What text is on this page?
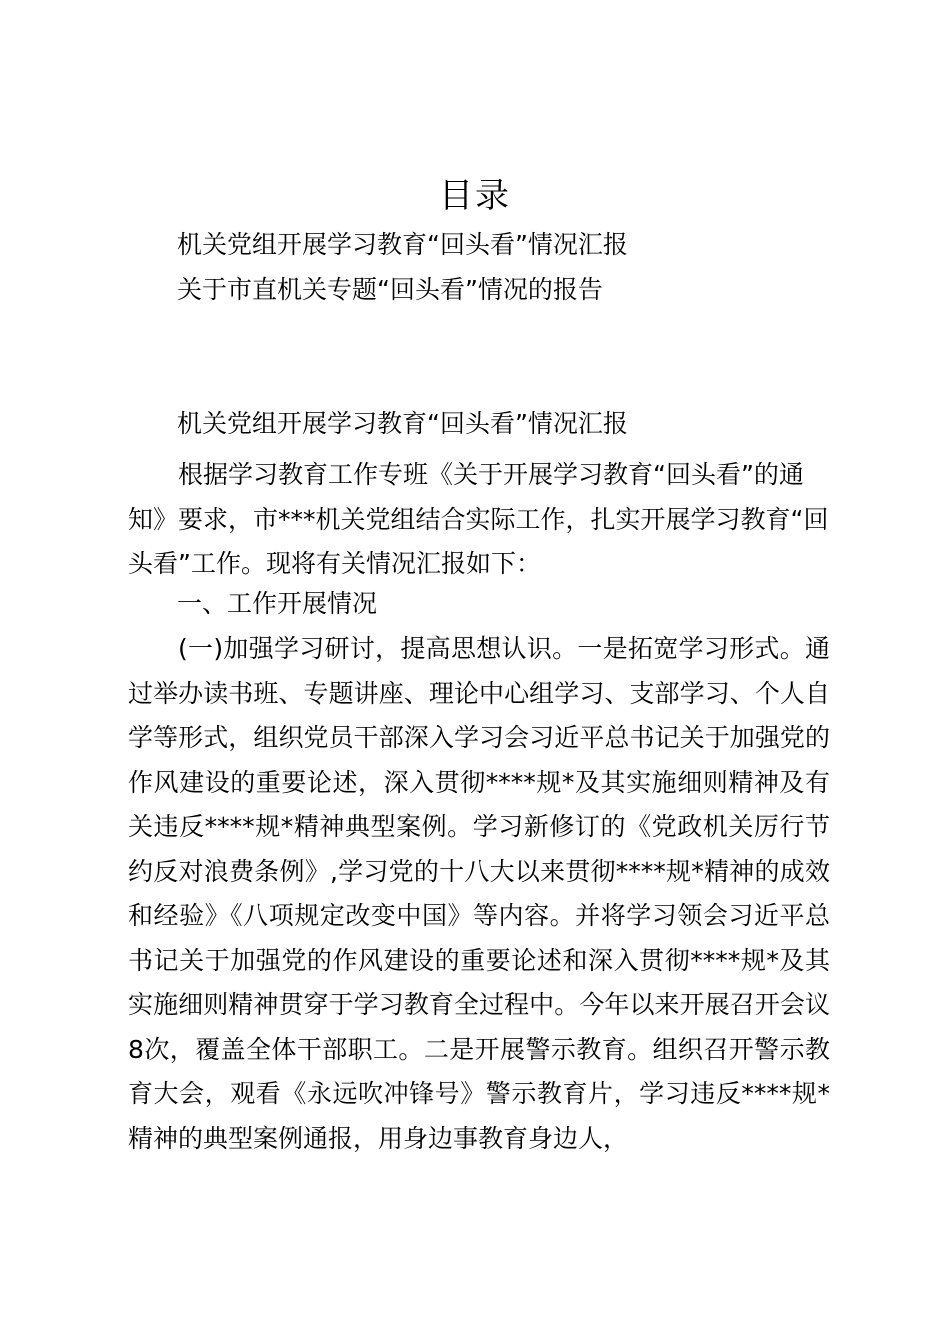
目录
机关党组开展学习教育“回头看”情况汇报
关于市直机关专题“回头看”情况的报告
机关党组开展学习教育“回头看”情况汇报
根据学习教育工作专班《关于开展学习教育“回头看”的通知》要求，市***机关党组结合实际工作，扎实开展学习教育“回头看”工作。现将有关情况汇报如下：
一、工作开展情况
(一)加强学习研讨，提高思想认识。一是拓宽学习形式。通过举办读书班、专题讲座、理论中心组学习、支部学习、个人自学等形式，组织党员干部深入学习会习近平总书记关于加强党的作风建设的重要论述，深入贯彻****规*及其实施细则精神及有关违反****规*精神典型案例。学习新修订的《党政机关厉行节约反对浪费条例》,学习党的十八大以来贯彻****规*精神的成效和经验》《八项规定改变中国》等内容。并将学习领会习近平总书记关于加强党的作风建设的重要论述和深入贯彻****规*及其实施细则精神贯穿于学习教育全过程中。今年以来开展召开会议8次，覆盖全体干部职工。二是开展警示教育。组织召开警示教育大会，观看《永远吹冲锋号》警示教育片，学习违反****规*精神的典型案例通报，用身边事教育身边人，
